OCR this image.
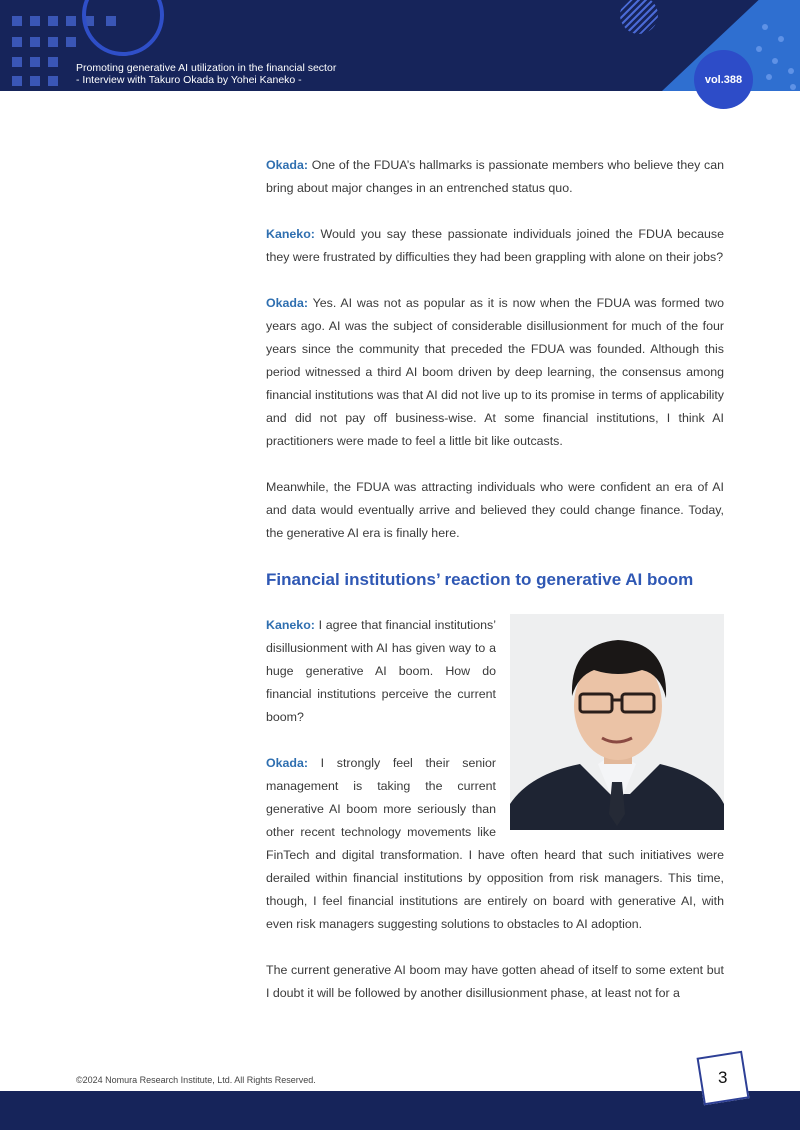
Promoting generative AI utilization in the financial sector
- Interview with Takuro Okada by Yohei Kaneko -	vol.388

Okada: One of the FDUA’s hallmarks is passionate members who believe they can bring about major changes in an entrenched status quo.

Kaneko: Would you say these passionate individuals joined the FDUA because they were frustrated by difficulties they had been grappling with alone on their jobs?

Okada: Yes. AI was not as popular as it is now when the FDUA was formed two years ago. AI was the subject of considerable disillusionment for much of the four years since the community that preceded the FDUA was founded. Although this period witnessed a third AI boom driven by deep learning, the consensus among financial institutions was that AI did not live up to its promise in terms of applicability and did not pay off business-wise. At some financial institutions, I think AI practitioners were made to feel a little bit like outcasts.

Meanwhile, the FDUA was attracting individuals who were confident an era of AI and data would eventually arrive and believed they could change finance. Today, the generative AI era is finally here.

Financial institutions’ reaction to generative AI boom

Kaneko: I agree that financial institutions’ disillusionment with AI has given way to a huge generative AI boom. How do financial institutions perceive the current boom?

Okada: I strongly feel their senior management is taking the current generative AI boom more seriously than other recent technology movements like FinTech and digital transformation. I have often heard that such initiatives were derailed within financial institutions by opposition from risk managers. This time, though, I feel financial institutions are entirely on board with generative AI, with even risk managers suggesting solutions to obstacles to AI adoption.

The current generative AI boom may have gotten ahead of itself to some extent but I doubt it will be followed by another disillusionment phase, at least not for a

©2024 Nomura Research Institute, Ltd. All Rights Reserved.	3
